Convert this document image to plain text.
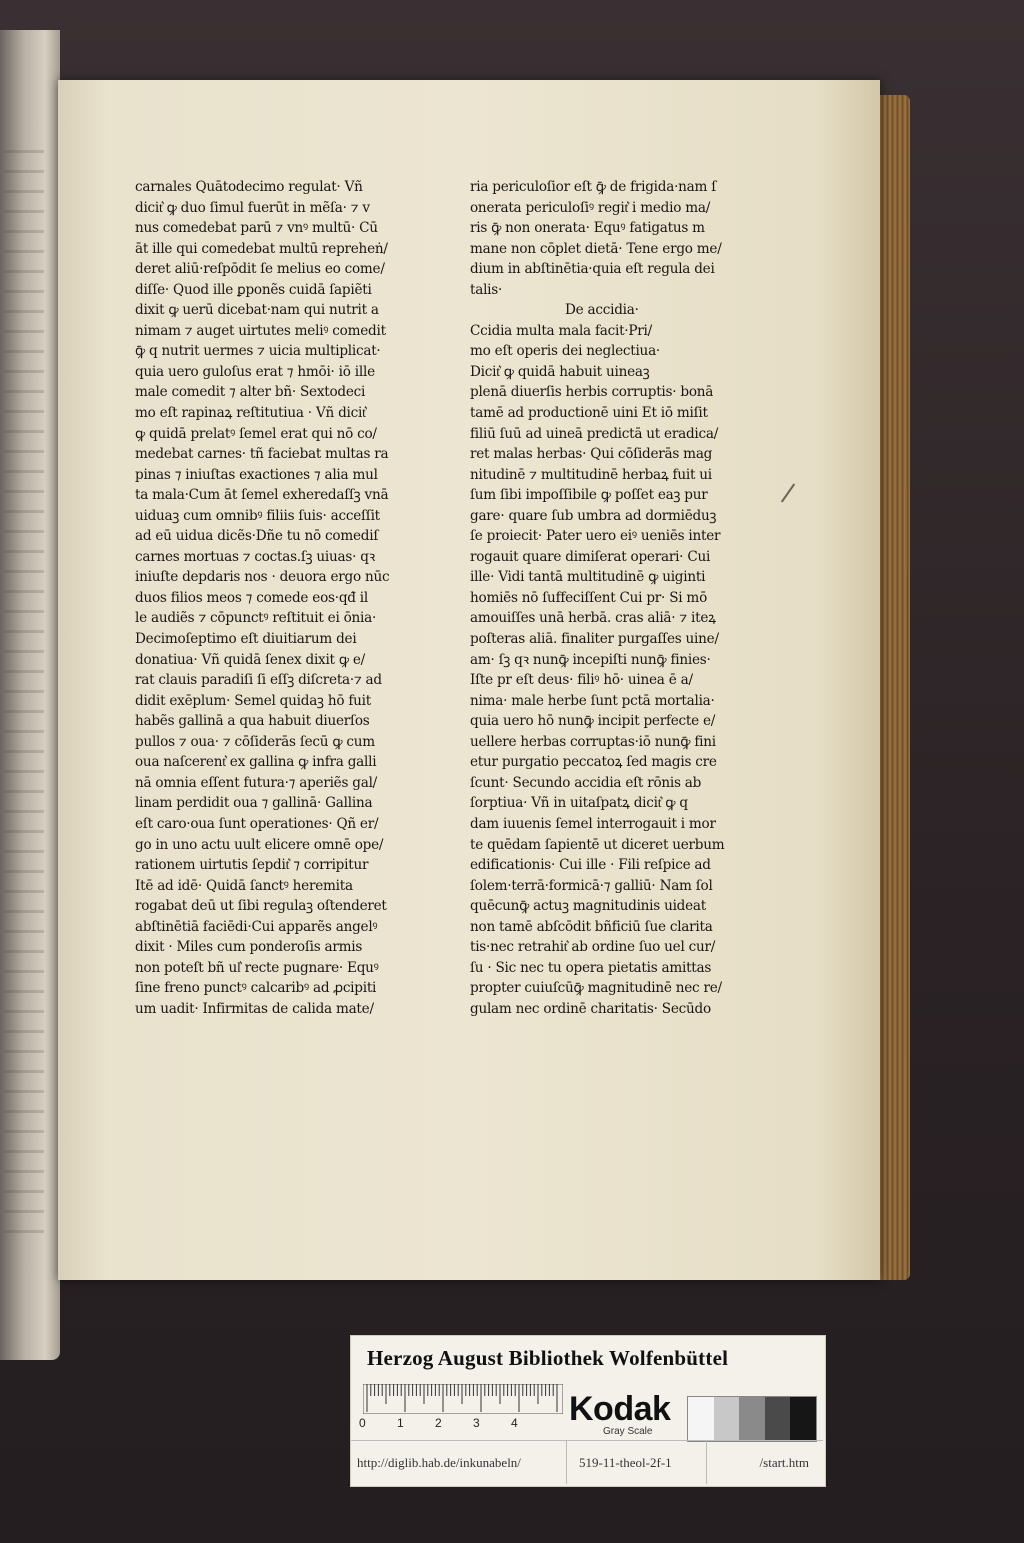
carnales Quātodecimo regulat· Vñ
dicit͛ ꝙ duo ſimul fuerūt in mẽſa· ⁊ v
nus comedebat parū ⁊ vnꝰ multū· Cū
āt ille qui comedebat multū repreheṅ/
deret aliū·reſpōdit ſe melius eo come/
diſſe· Quod ille ꝑponẽs cuidā ſapiẽti
dixit ꝙ uerū dicebat·nam qui nutrit a
nimam ⁊ auget uirtutes meliꝰ comedit
ꝙ̄ q nutrit uermes ⁊ uicia multiplicat·
quia uero guloſus erat ⁊ hmōi· iō ille
male comedit ⁊ alter bñ· Sextodeci
mo eſt rapinaꝝ reſtitutiua · Vñ dicit͛
ꝙ quidā prelatꝰ ſemel erat qui nō co/
medebat carnes· tñ faciebat multas ra
pinas ⁊ iniuſtas exactiones ⁊ alia mul
ta mala·Cum āt ſemel exheredaſſꝫ vnā
uiduaꝫ cum omnibꝰ filiis ſuis· acceſſit
ad eū uidua dicẽs·Dñe tu nō comediſ
carnes mortuas ⁊ coctas.ſꝫ uiuas· qꝛ
iniuſte depdaris nos · deuora ergo nūc
duos filios meos ⁊ comede eos·qđ il
le audiẽs ⁊ cōpunctꝰ reſtituit ei ōnia·
Decimoſeptimo eſt diuitiarum dei
donatiua· Vñ quidā ſenex dixit ꝙ e/
rat clauis paradiſi ſi eſſꝫ diſcreta·⁊ ad
didit exēplum· Semel quidaꝫ hō fuit
habẽs gallinā a qua habuit diuerſos
pullos ⁊ oua· ⁊ cōſiderās ſecū ꝙ cum
oua naſcerent͛ ex gallina ꝙ infra galli
nā omnia eſſent futura·⁊ aperiẽs gal/
linam perdidit oua ⁊ gallinā· Gallina
eſt caro·oua ſunt operationes· Qñ er/
go in uno actu uult elicere omnē ope/
rationem uirtutis ſepdit͛ ⁊ corripitur
Itē ad idē· Quidā ſanctꝰ heremita
rogabat deū ut ſibi regulaꝫ oſtenderet
abſtinētiā faciēdi·Cui apparẽs angelꝰ
dixit · Miles cum ponderoſis armis
non poteſt bñ ul͛ recte pugnare· Equꝰ
ſine freno punctꝰ calcaribꝰ ad ꝓcipiti
um uadit· Infirmitas de calida mate/
ria periculoſior eſt ꝙ̄ de frigida·nam ſ
onerata periculoſiꝰ regit͛ i medio ma/
ris ꝙ̄ non onerata· Equꝰ fatigatus m
mane non cōplet dietā· Tene ergo me/
dium in abſtinētia·quia eſt regula dei
talis·
De accidia·
Ccidia multa mala facit·Pri/
mo eſt operis dei neglectiua·
Dicit͛ ꝙ quidā habuit uineaꝫ
plenā diuerſis herbis corruptis· bonā
tamē ad productionē uini Et iō miſit
filiū ſuū ad uineā predictā ut eradica/
ret malas herbas· Qui cōſiderās mag
nitudinē ⁊ multitudinē herbaꝝ fuit ui
ſum ſibi impoſſibile ꝙ poſſet eaꝫ pur
gare· quare ſub umbra ad dormiēduꝫ
ſe proiecit· Pater uero eiꝰ ueniēs inter
rogauit quare dimiſerat operari· Cui
ille· Vidi tantā multitudinē ꝙ uiginti
homiēs nō ſuffeciſſent Cui pr· Si mō
amouiſſes unā herbā. cras aliā· ⁊ iteꝝ
poſteras aliā. finaliter purgaſſes uine/
am· ſꝫ qꝛ nunꝙ̄ incepiſti nunꝙ̄ finies·
Iſte pr eſt deus· filiꝰ hō· uinea ē a/
nima· male herbe ſunt pctā mortalia·
quia uero hō nunꝙ̄ incipit perfecte e/
uellere herbas corruptas·iō nunꝙ̄ fini
etur purgatio peccatoꝝ ſed magis cre
ſcunt· Secundo accidia eſt rōnis ab
ſorptiua· Vñ in uitaſpatꝝ dicit͛ ꝙ q
dam iuuenis ſemel interrogauit i mor
te quēdam ſapientē ut diceret uerbum
edificationis· Cui ille · Fili reſpice ad
ſolem·terrā·formicā·⁊ galliū· Nam ſol
quēcunꝙ̄ actuꝫ magnitudinis uideat
non tamē abſcōdit bñficiū ſue clarita
tis·nec retrahit͛ ab ordine ſuo uel cur/
ſu · Sic nec tu opera pietatis amittas
propter cuiuſcūꝙ̄ magnitudinē nec re/
gulam nec ordinē charitatis· Secūdo
Herzog August Bibliothek Wolfenbüttel
0	1	2	3	4 Kodak
Gray Scale
http://diglib.hab.de/inkunabeln/	519-11-theol-2f-1	/start.htm
